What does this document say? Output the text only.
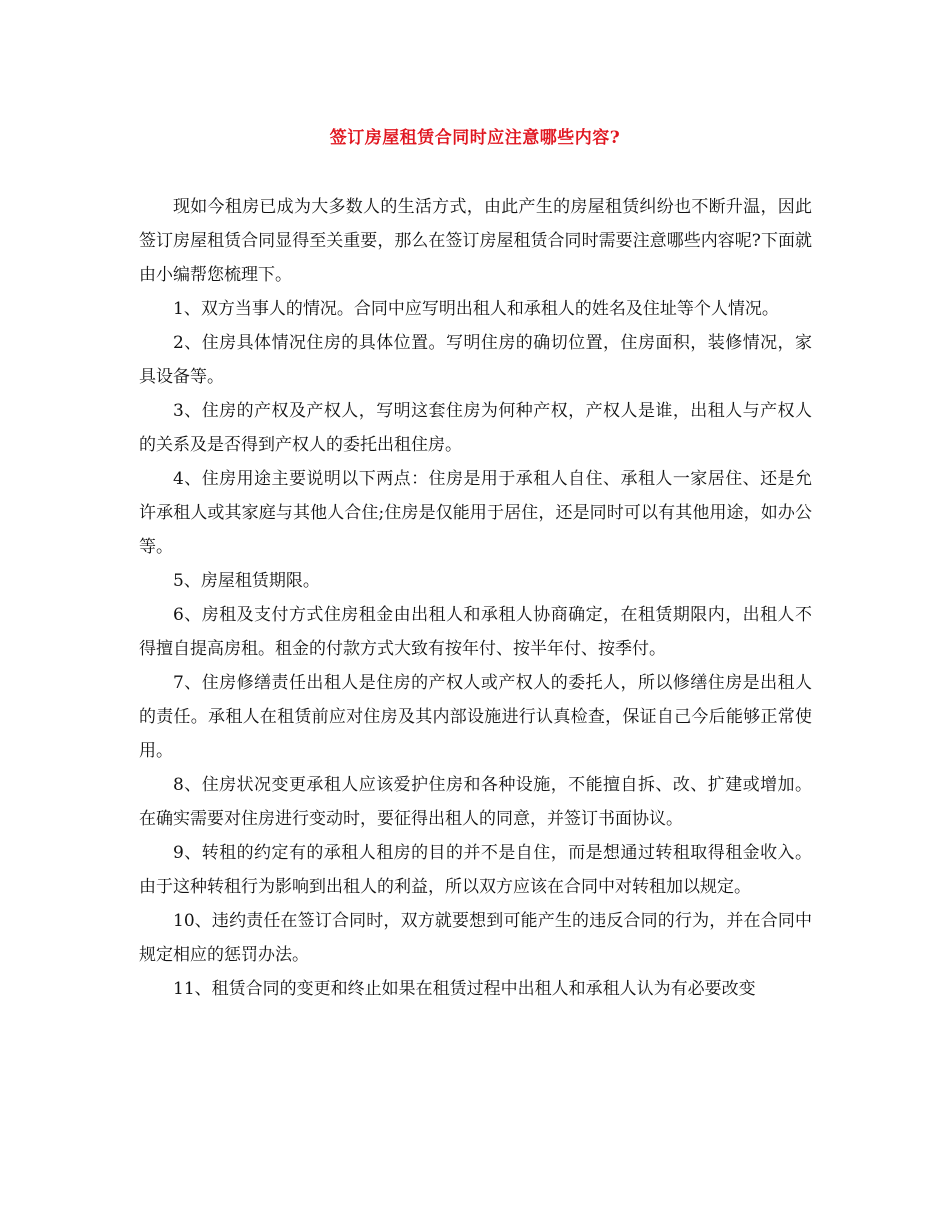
签订房屋租赁合同时应注意哪些内容?

现如今租房已成为大多数人的生活方式，由此产生的房屋租赁纠纷也不断升温，因此签订房屋租赁合同显得至关重要，那么在签订房屋租赁合同时需要注意哪些内容呢?下面就由小编帮您梳理下。

1、双方当事人的情况。合同中应写明出租人和承租人的姓名及住址等个人情况。

2、住房具体情况住房的具体位置。写明住房的确切位置，住房面积，装修情况，家具设备等。

3、住房的产权及产权人，写明这套住房为何种产权，产权人是谁，出租人与产权人的关系及是否得到产权人的委托出租住房。

4、住房用途主要说明以下两点：住房是用于承租人自住、承租人一家居住、还是允许承租人或其家庭与其他人合住;住房是仅能用于居住，还是同时可以有其他用途，如办公等。

5、房屋租赁期限。

6、房租及支付方式住房租金由出租人和承租人协商确定，在租赁期限内，出租人不得擅自提高房租。租金的付款方式大致有按年付、按半年付、按季付。

7、住房修缮责任出租人是住房的产权人或产权人的委托人，所以修缮住房是出租人的责任。承租人在租赁前应对住房及其内部设施进行认真检查，保证自己今后能够正常使用。

8、住房状况变更承租人应该爱护住房和各种设施，不能擅自拆、改、扩建或增加。在确实需要对住房进行变动时，要征得出租人的同意，并签订书面协议。

9、转租的约定有的承租人租房的目的并不是自住，而是想通过转租取得租金收入。由于这种转租行为影响到出租人的利益，所以双方应该在合同中对转租加以规定。

10、违约责任在签订合同时，双方就要想到可能产生的违反合同的行为，并在合同中规定相应的惩罚办法。

11、租赁合同的变更和终止如果在租赁过程中出租人和承租人认为有必要改变
